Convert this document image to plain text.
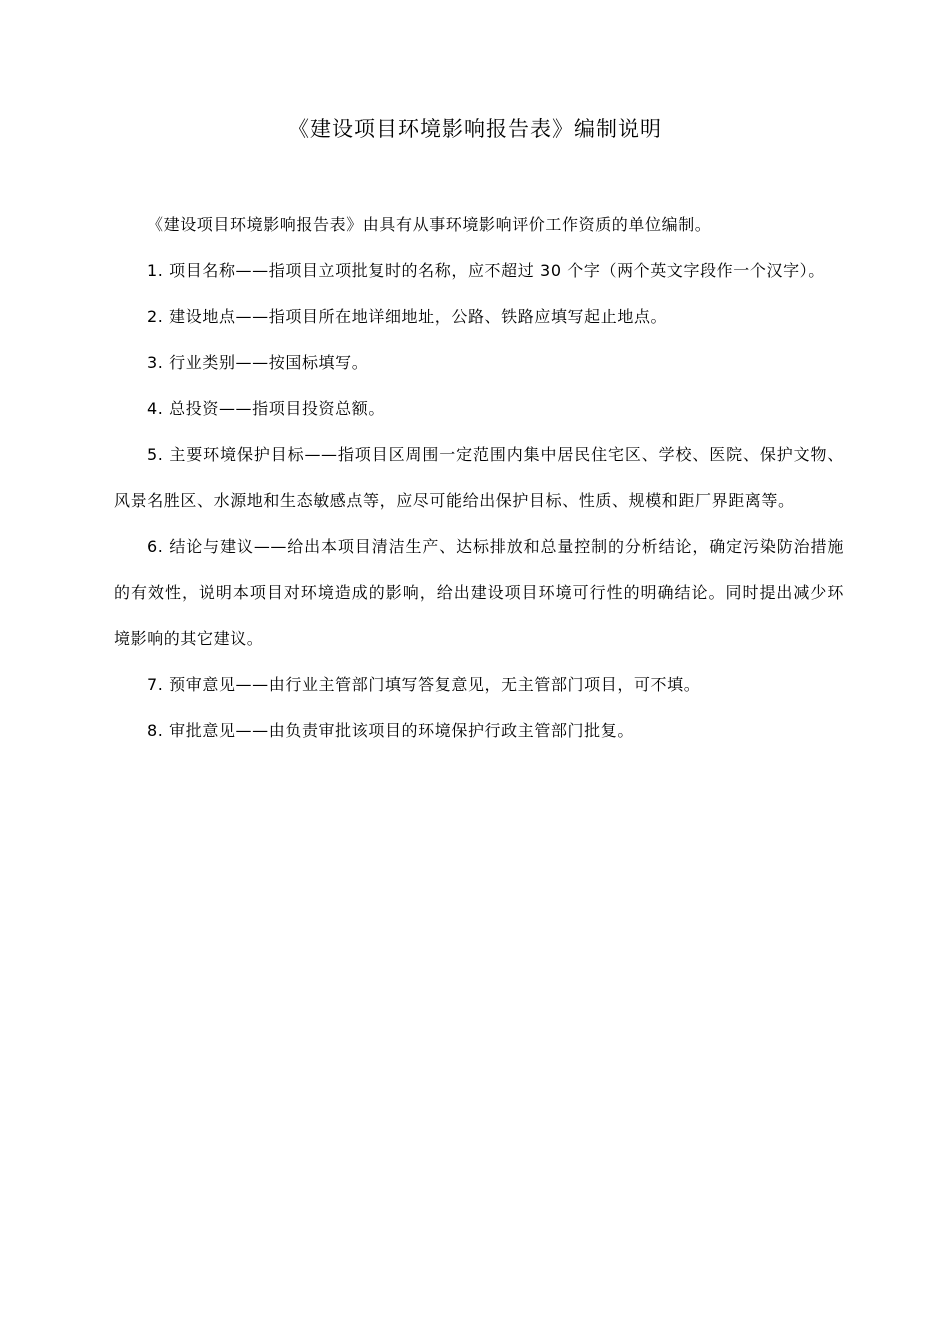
《建设项目环境影响报告表》编制说明

《建设项目环境影响报告表》由具有从事环境影响评价工作资质的单位编制。

1. 项目名称——指项目立项批复时的名称，应不超过 30 个字（两个英文字段作一个汉字）。

2. 建设地点——指项目所在地详细地址，公路、铁路应填写起止地点。

3. 行业类别——按国标填写。

4. 总投资——指项目投资总额。

5. 主要环境保护目标——指项目区周围一定范围内集中居民住宅区、学校、医院、保护文物、风景名胜区、水源地和生态敏感点等，应尽可能给出保护目标、性质、规模和距厂界距离等。

6. 结论与建议——给出本项目清洁生产、达标排放和总量控制的分析结论，确定污染防治措施的有效性，说明本项目对环境造成的影响，给出建设项目环境可行性的明确结论。同时提出减少环境影响的其它建议。

7. 预审意见——由行业主管部门填写答复意见，无主管部门项目，可不填。

8. 审批意见——由负责审批该项目的环境保护行政主管部门批复。
